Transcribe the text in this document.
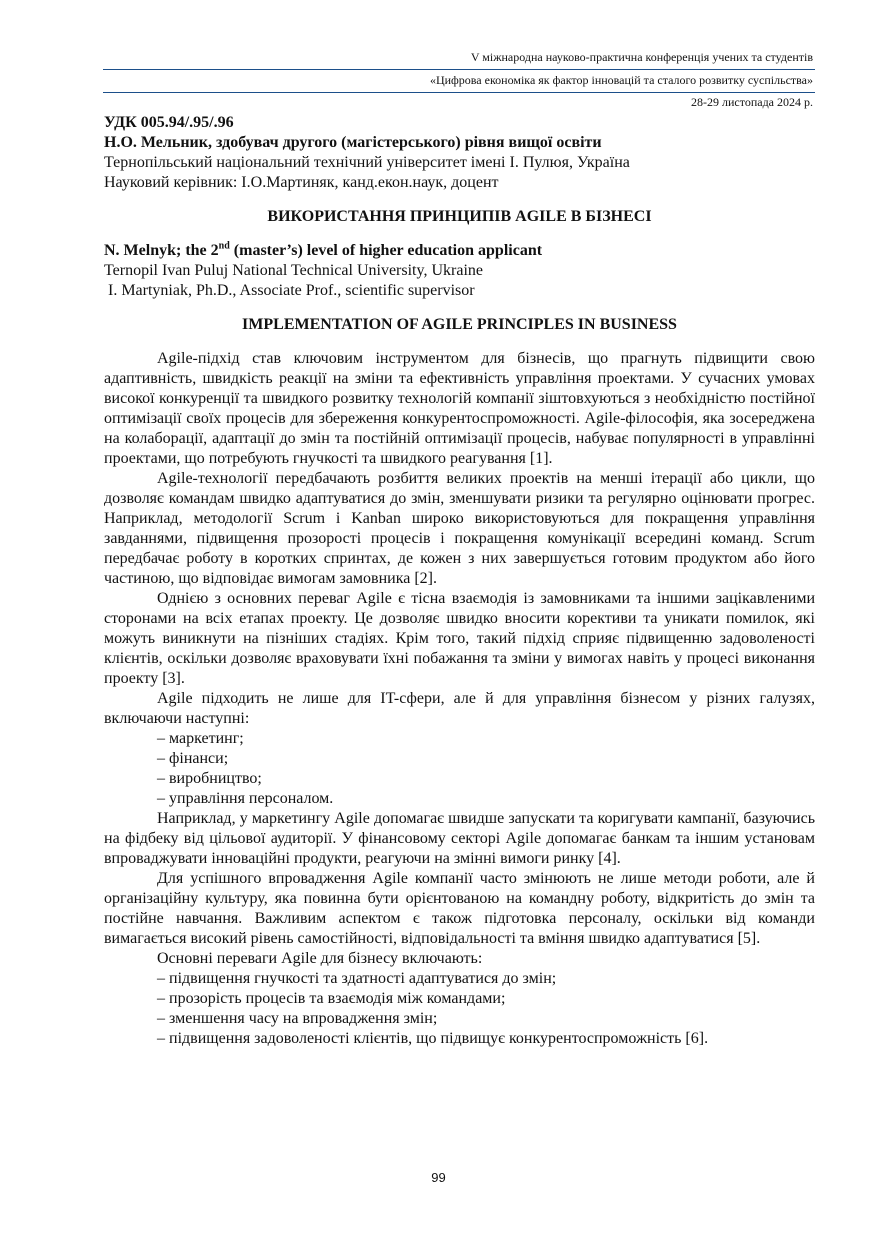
V міжнародна науково-практична конференція учених та студентів
«Цифрова економіка як фактор інновацій та сталого розвитку суспільства»
28-29 листопада 2024 р.
УДК 005.94/.95/.96
Н.О. Мельник, здобувач другого (магістерського) рівня вищої освіти
Тернопільський національний технічний університет імені І. Пулюя, Україна
Науковий керівник: І.О.Мартиняк, канд.екон.наук, доцент
ВИКОРИСТАННЯ ПРИНЦИПІВ AGILE В БІЗНЕСІ
N. Melnyk; the 2nd (master’s) level of higher education applicant
Ternopil Ivan Puluj National Technical University, Ukraine
I. Martyniak, Ph.D., Associate Prof., scientific supervisor
IMPLEMENTATION OF AGILE PRINCIPLES IN BUSINESS

Agile-підхід став ключовим інструментом для бізнесів, що прагнуть підвищити свою адаптивність, швидкість реакції на зміни та ефективність управління проектами. У сучасних умовах високої конкуренції та швидкого розвитку технологій компанії зіштовхуються з необхідністю постійної оптимізації своїх процесів для збереження конкурентоспроможності. Agile-філософія, яка зосереджена на колаборації, адаптації до змін та постійній оптимізації процесів, набуває популярності в управлінні проектами, що потребують гнучкості та швидкого реагування [1].

Agile-технології передбачають розбиття великих проектів на менші ітерації або цикли, що дозволяє командам швидко адаптуватися до змін, зменшувати ризики та регулярно оцінювати прогрес. Наприклад, методології Scrum і Kanban широко використовуються для покращення управління завданнями, підвищення прозорості процесів і покращення комунікації всередині команд. Scrum передбачає роботу в коротких спринтах, де кожен з них завершується готовим продуктом або його частиною, що відповідає вимогам замовника [2].

Однією з основних переваг Agile є тісна взаємодія із замовниками та іншими зацікавленими сторонами на всіх етапах проекту. Це дозволяє швидко вносити корективи та уникати помилок, які можуть виникнути на пізніших стадіях. Крім того, такий підхід сприяє підвищенню задоволеності клієнтів, оскільки дозволяє враховувати їхні побажання та зміни у вимогах навіть у процесі виконання проекту [3].

Agile підходить не лише для IT-сфери, але й для управління бізнесом у різних галузях, включаючи наступні:

– маркетинг;
– фінанси;
– виробництво;
– управління персоналом.

Наприклад, у маркетингу Agile допомагає швидше запускати та коригувати кампанії, базуючись на фідбеку від цільової аудиторії. У фінансовому секторі Agile допомагає банкам та іншим установам впроваджувати інноваційні продукти, реагуючи на змінні вимоги ринку [4].

Для успішного впровадження Agile компанії часто змінюють не лише методи роботи, але й організаційну культуру, яка повинна бути орієнтованою на командну роботу, відкритість до змін та постійне навчання. Важливим аспектом є також підготовка персоналу, оскільки від команди вимагається високий рівень самостійності, відповідальності та вміння швидко адаптуватися [5].

Основні переваги Agile для бізнесу включають:

– підвищення гнучкості та здатності адаптуватися до змін;
– прозорість процесів та взаємодія між командами;
– зменшення часу на впровадження змін;
– підвищення задоволеності клієнтів, що підвищує конкурентоспроможність [6].
99
